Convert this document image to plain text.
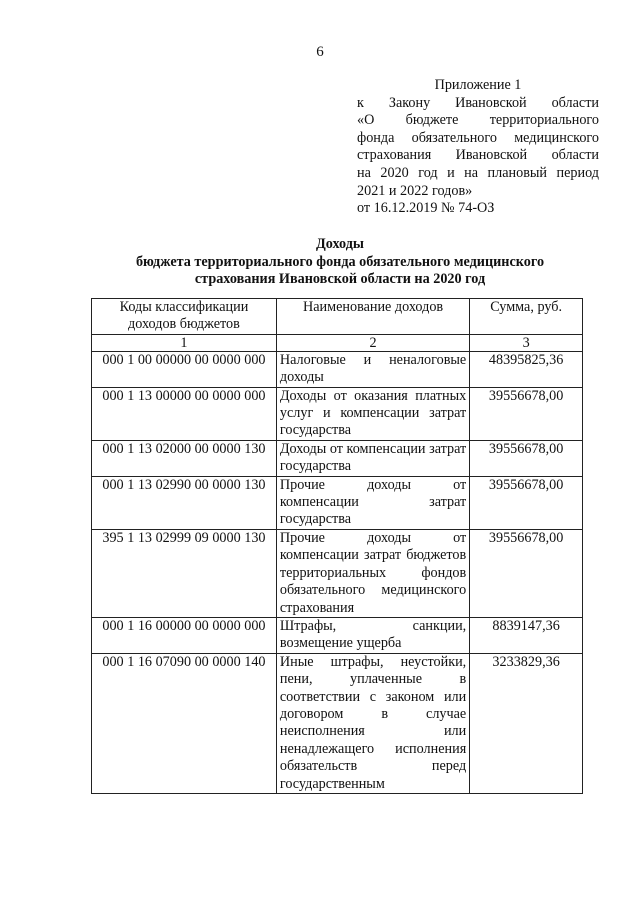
6
Приложение 1
к Закону Ивановской области
«О бюджете территориального
фонда обязательного медицинского
страхования Ивановской области
на 2020 год и на плановый период
2021 и 2022 годов»
от 16.12.2019 № 74-ОЗ
Доходы
бюджета территориального фонда обязательного медицинского
страхования Ивановской области на 2020 год
Коды классификации доходов бюджетов	Наименование доходов	Сумма, руб.
1	2	3
000 1 00 00000 00 0000 000	Налоговые и неналоговые доходы	48395825,36
000 1 13 00000 00 0000 000	Доходы от оказания платных услуг и компенсации затрат государства	39556678,00
000 1 13 02000 00 0000 130	Доходы от компенсации затрат государства	39556678,00
000 1 13 02990 00 0000 130	Прочие доходы от компенсации затрат государства	39556678,00
395 1 13 02999 09 0000 130	Прочие доходы от компенсации затрат бюджетов территориальных фондов обязательного медицинского страхования	39556678,00
000 1 16 00000 00 0000 000	Штрафы, санкции, возмещение ущерба	8839147,36
000 1 16 07090 00 0000 140	Иные штрафы, неустойки, пени, уплаченные в соответствии с законом или договором в случае неисполнения или ненадлежащего исполнения обязательств перед государственным	3233829,36
